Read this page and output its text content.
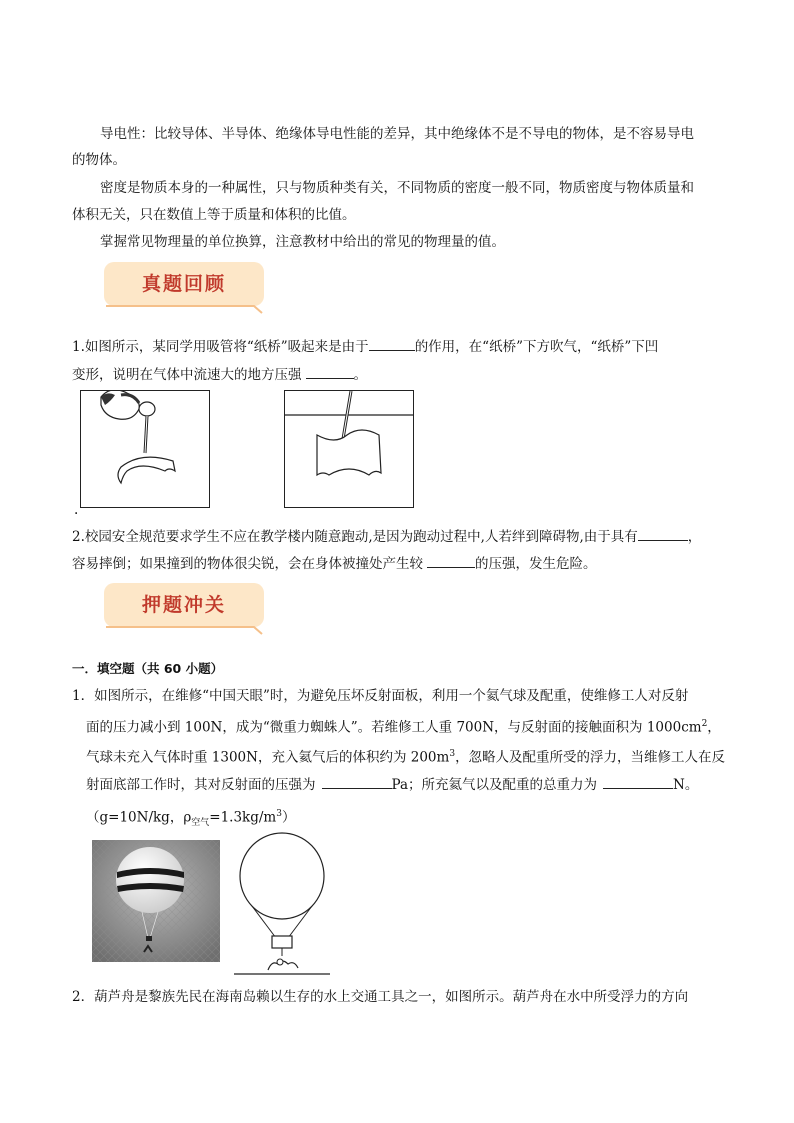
导电性：比较导体、半导体、绝缘体导电性能的差异，其中绝缘体不是不导电的物体，是不容易导电
的物体。
密度是物质本身的一种属性，只与物质种类有关，不同物质的密度一般不同，物质密度与物体质量和
体积无关，只在数值上等于质量和体积的比值。
掌握常见物理量的单位换算，注意教材中给出的常见的物理量的值。
真题回顾
1.如图所示，某同学用吸管将“纸桥”吸起来是由于	的作用，在“纸桥”下方吹气，“纸桥”下凹
变形，说明在气体中流速大的地方压强	。
.
2.校园安全规范要求学生不应在教学楼内随意跑动,是因为跑动过程中,人若绊到障碍物,由于具有	，
容易摔倒；如果撞到的物体很尖锐，会在身体被撞处产生较	的压强，发生危险。
押题冲关
一．填空题（共 60 小题）
1．如图所示，在维修“中国天眼”时，为避免压坏反射面板，利用一个氦气球及配重，使维修工人对反射
面的压力减小到 100N，成为“微重力蜘蛛人”。若维修工人重 700N，与反射面的接触面积为 $1000cm^2$，
气球未充入气体时重 1300N，充入氦气后的体积约为 $200m^3$，忽略人及配重所受的浮力，当维修工人在反
射面底部工作时，其对反射面的压强为	Pa；所充氦气以及配重的总重力为	N。
（g=10N/kg，$\rho_{空气}=1.3kg/m^3$）
2．葫芦舟是黎族先民在海南岛赖以生存的水上交通工具之一，如图所示。葫芦舟在水中所受浮力的方向
